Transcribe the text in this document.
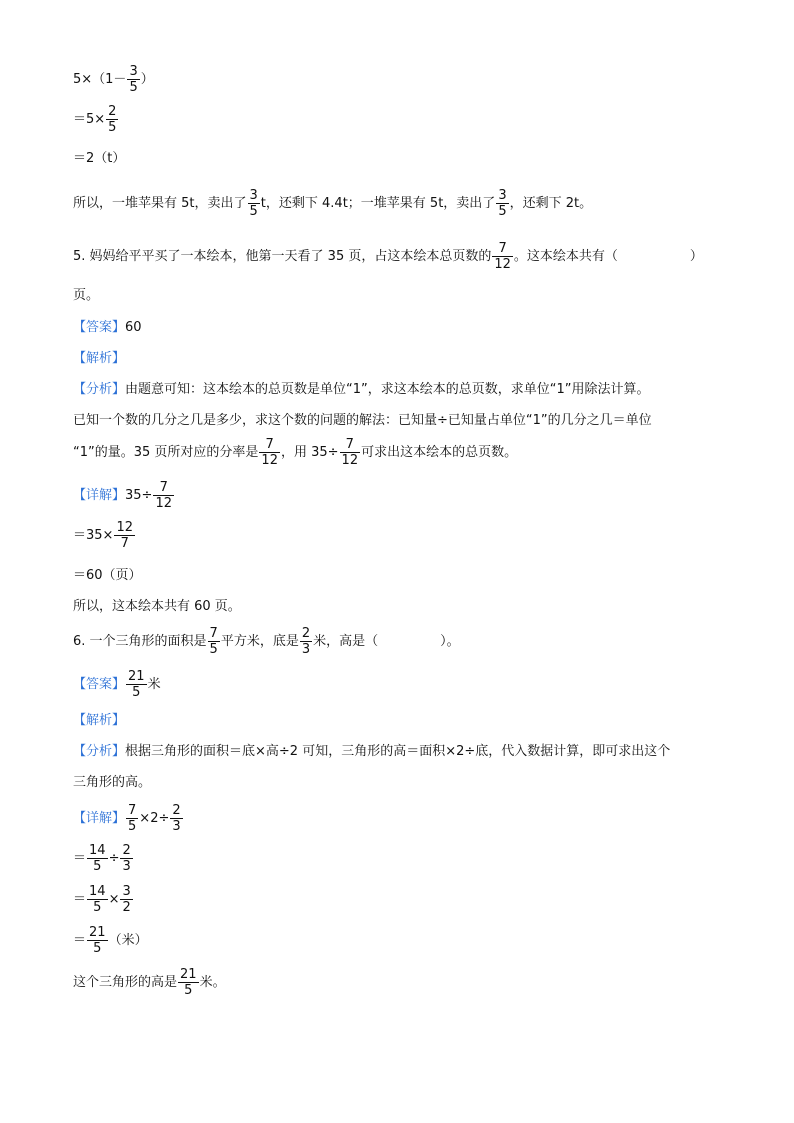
$5\times(1- \frac{3}{5}$ ）
$=5\times \frac{2}{5}$
＝2（t）
所以，一堆苹果有 5t，卖出了 $\frac{3}{5}$ t，还剩下 4.4t；一堆苹果有 5t，卖出了 $\frac{3}{5}$ ，还剩下 2t。
5. 妈妈给平平买了一本绘本，他第一天看了 35 页，占这本绘本总页数的 $\frac{7}{12}$ 。这本绘本共有（	）
页。
【答案】60
【解析】
【分析】由题意可知：这本绘本的总页数是单位“1”，求这本绘本的总页数，求单位“1”用除法计算。
已知一个数的几分之几是多少，求这个数的问题的解法：已知量÷已知量占单位“1”的几分之几＝单位
“1”的量。35 页所对应的分率是 $\frac{7}{12}$ ，用 $35\div \frac{7}{12}$ 可求出这本绘本的总页数。
【详解】$35\div \frac{7}{12}$
$=35\times \frac{12}{7}$
＝60（页）
所以，这本绘本共有 60 页。
6. 一个三角形的面积是 $\frac{7}{5}$ 平方米，底是 $\frac{2}{3}$ 米，高是（	）。
【答案】 $\frac{21}{5}$ 米
【解析】
【分析】根据三角形的面积＝底×高÷2 可知，三角形的高＝面积×2÷底，代入数据计算，即可求出这个
三角形的高。
【详解】 $\frac{7}{5} \times 2\div \frac{2}{3}$
＝ $\frac{14}{5} \div \frac{2}{3}$
＝ $\frac{14}{5} \times \frac{3}{2}$
＝ $\frac{21}{5}$ （米）
这个三角形的高是 $\frac{21}{5}$ 米。
